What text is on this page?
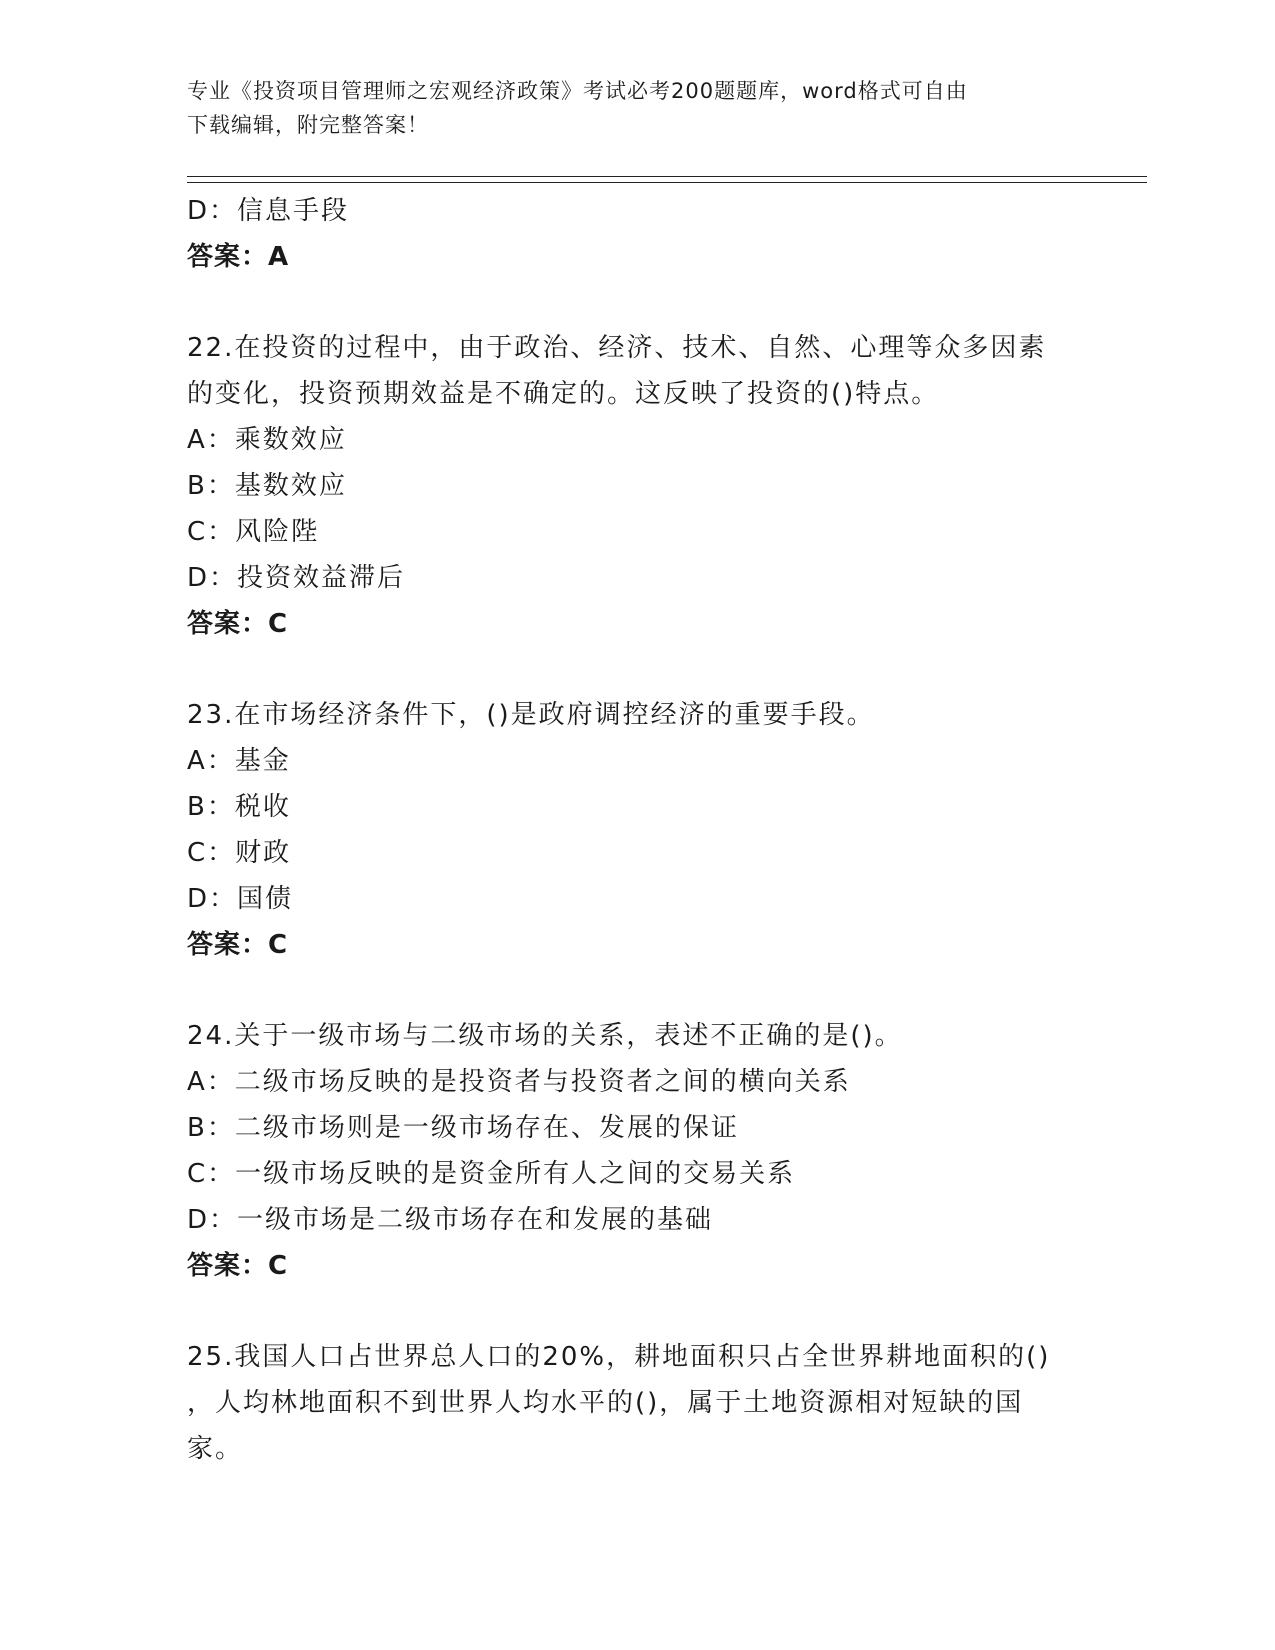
专业《投资项目管理师之宏观经济政策》考试必考200题题库，word格式可自由
下载编辑，附完整答案！
D：信息手段
答案：A
22.在投资的过程中，由于政治、经济、技术、自然、心理等众多因素
的变化，投资预期效益是不确定的。这反映了投资的()特点。
A：乘数效应
B：基数效应
C：风险陛
D：投资效益滞后
答案：C
23.在市场经济条件下，()是政府调控经济的重要手段。
A：基金
B：税收
C：财政
D：国债
答案：C
24.关于一级市场与二级市场的关系，表述不正确的是()。
A：二级市场反映的是投资者与投资者之间的横向关系
B：二级市场则是一级市场存在、发展的保证
C：一级市场反映的是资金所有人之间的交易关系
D：一级市场是二级市场存在和发展的基础
答案：C
25.我国人口占世界总人口的20%，耕地面积只占全世界耕地面积的()
，人均林地面积不到世界人均水平的()，属于土地资源相对短缺的国
家。
